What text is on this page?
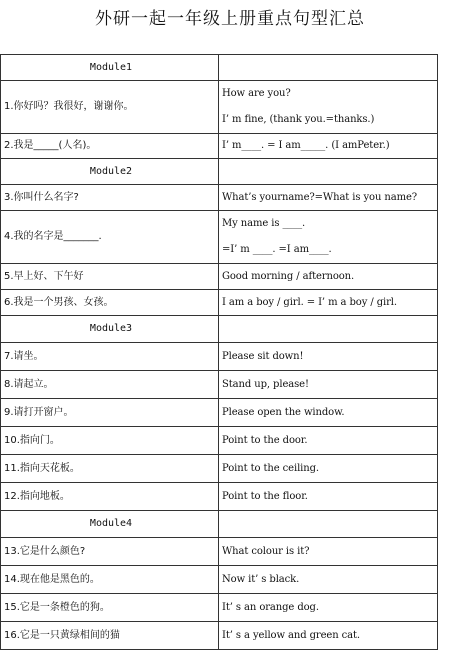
外研一起一年级上册重点句型汇总
Module1	
1.你好吗？我很好，谢谢你。	How are you?
I’ m fine, (thank you.=thanks.)

2.我是_____(人名)。	I’ m____. = I am_____. (I amPeter.)
Module2	
3.你叫什么名字?	What’s yourname?=What is you name?
4.我的名字是_______.	My name is ____.
=I’ m ____. =I am____.

5.早上好、下午好	Good morning / afternoon.
6.我是一个男孩、女孩。	I am a boy / girl. = I’ m a boy / girl.
Module3	
7.请坐。	Please sit down!
8.请起立。	Stand up, please!
9.请打开窗户。	Please open the window.
10.指向门。	Point to the door.
11.指向天花板。	Point to the ceiling.
12.指向地板。	Point to the floor.
Module4	
13.它是什么颜色?	What colour is it?
14.现在他是黑色的。	Now it’ s black.
15.它是一条橙色的狗。	It’ s an orange dog.
16.它是一只黄绿相间的猫	It’ s a yellow and green cat.
